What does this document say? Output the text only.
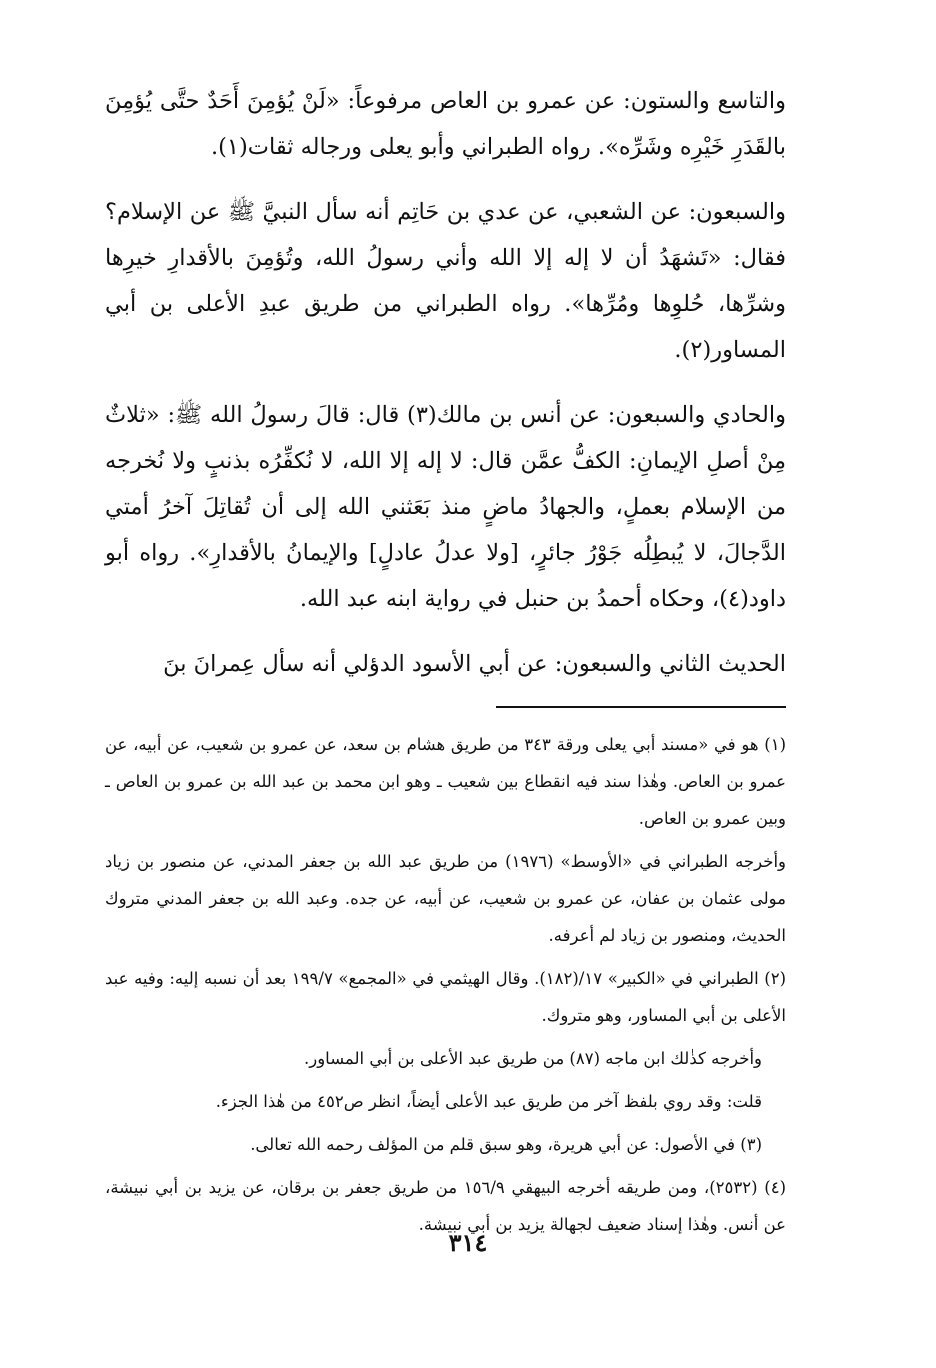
والتاسع والستون: عن عمرو بن العاص مرفوعاً: «لَنْ يُؤمِنَ أَحَدٌ حتَّى يُؤمِنَ بالقَدَرِ خَيْرِه وشَرِّه». رواه الطبراني وأبو يعلى ورجاله ثقات(١).

والسبعون: عن الشعبي، عن عدي بن حَاتِم أنه سأل النبيَّ ﷺ عن الإسلام؟ فقال: «تَشهَدُ أن لا إله إلا الله وأني رسولُ الله، وتُؤمِنَ بالأقدارِ خيرِها وشرِّها، حُلوِها ومُرِّها». رواه الطبراني من طريق عبدِ الأعلى بن أبي المساور(٢).

والحادي والسبعون: عن أنس بن مالك(٣) قال: قالَ رسولُ الله ﷺ: «ثلاثٌ مِنْ أصلِ الإيمانِ: الكفُّ عمَّن قال: لا إله إلا الله، لا نُكفِّرُه بذنبٍ ولا نُخرجه من الإسلام بعملٍ، والجهادُ ماضٍ منذ بَعَثني الله إلى أن تُقاتِلَ آخرُ أمتي الدَّجالَ، لا يُبطِلُه جَوْرُ جائرٍ، [ولا عدلُ عادلٍ] والإيمانُ بالأقدارِ». رواه أبو داود(٤)، وحكاه أحمدُ بن حنبل في رواية ابنه عبد الله.

الحديث الثاني والسبعون: عن أبي الأسود الدؤلي أنه سأل عِمرانَ بنَ

(١) هو في «مسند أبي يعلى ورقة ٣٤٣ من طريق هشام بن سعد، عن عمرو بن شعيب، عن أبيه، عن عمرو بن العاص. وهٰذا سند فيه انقطاع بين شعيب ـ وهو ابن محمد بن عبد الله بن عمرو بن العاص ـ وبين عمرو بن العاص.

وأخرجه الطبراني في «الأوسط» (١٩٧٦) من طريق عبد الله بن جعفر المدني، عن منصور بن زياد مولى عثمان بن عفان، عن عمرو بن شعيب، عن أبيه، عن جده. وعبد الله بن جعفر المدني متروك الحديث، ومنصور بن زياد لم أعرفه.

(٢) الطبراني في «الكبير» ١٧/(١٨٢). وقال الهيثمي في «المجمع» ١٩٩/٧ بعد أن نسبه إليه: وفيه عبد الأعلى بن أبي المساور، وهو متروك.

وأخرجه كذٰلك ابن ماجه (٨٧) من طريق عبد الأعلى بن أبي المساور.

قلت: وقد روي بلفظ آخر من طريق عبد الأعلى أيضاً، انظر ص٤٥٢ من هٰذا الجزء.

(٣) في الأصول: عن أبي هريرة، وهو سبق قلم من المؤلف رحمه الله تعالى.

(٤) (٢٥٣٢)، ومن طريقه أخرجه البيهقي ١٥٦/٩ من طريق جعفر بن برقان، عن يزيد بن أبي نبيشة، عن أنس. وهٰذا إسناد ضعيف لجهالة يزيد بن أبي نبيشة.

٣١٤
